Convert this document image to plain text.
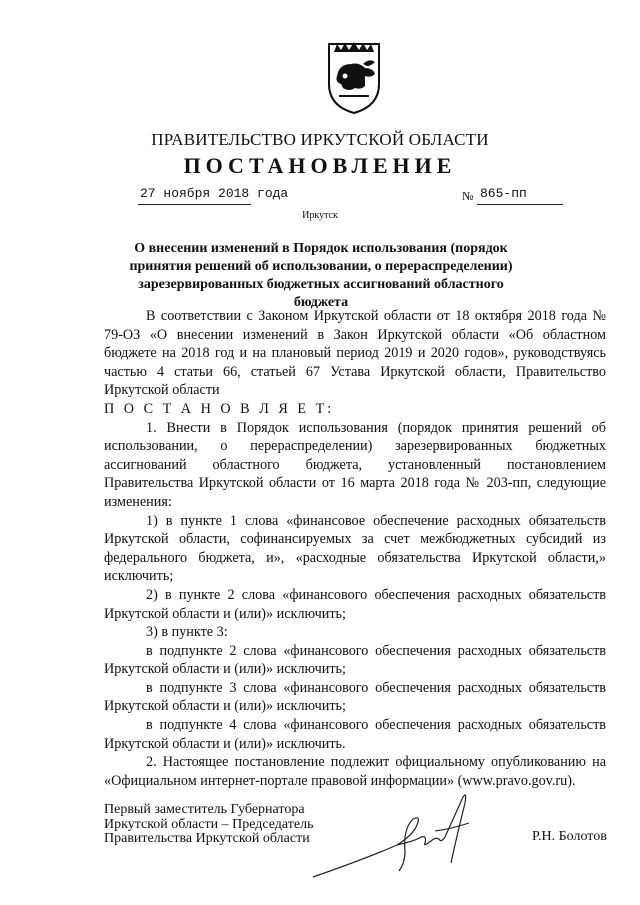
ПРАВИТЕЛЬСТВО ИРКУТСКОЙ ОБЛАСТИ
ПОСТАНОВЛЕНИЕ
27 ноября 2018 года	№ 865-пп
Иркутск
О внесении изменений в Порядок использования (порядок принятия решений об использовании, о перераспределении) зарезервированных бюджетных ассигнований областного бюджета

В соответствии с Законом Иркутской области от 18 октября 2018 года № 79-ОЗ «О внесении изменений в Закон Иркутской области «Об областном бюджете на 2018 год и на плановый период 2019 и 2020 годов», руководствуясь частью 4 статьи 66, статьей 67 Устава Иркутской области, Правительство Иркутской области

П О С Т А Н О В Л Я Е Т:

1. Внести в Порядок использования (порядок принятия решений об использовании, о перераспределении) зарезервированных бюджетных ассигнований областного бюджета, установленный постановлением Правительства Иркутской области от 16 марта 2018 года № 203-пп, следующие изменения:

1) в пункте 1 слова «финансовое обеспечение расходных обязательств Иркутской области, софинансируемых за счет межбюджетных субсидий из федерального бюджета, и», «расходные обязательства Иркутской области,» исключить;

2) в пункте 2 слова «финансового обеспечения расходных обязательств Иркутской области и (или)» исключить;

3) в пункте 3:

в подпункте 2 слова «финансового обеспечения расходных обязательств Иркутской области и (или)» исключить;

в подпункте 3 слова «финансового обеспечения расходных обязательств Иркутской области и (или)» исключить;

в подпункте 4 слова «финансового обеспечения расходных обязательств Иркутской области и (или)» исключить.

2. Настоящее постановление подлежит официальному опубликованию на «Официальном интернет-портале правовой информации» (www.pravo.gov.ru).

Первый заместитель Губернатора
Иркутской области – Председатель
Правительства Иркутской области	Р.Н. Болотов
